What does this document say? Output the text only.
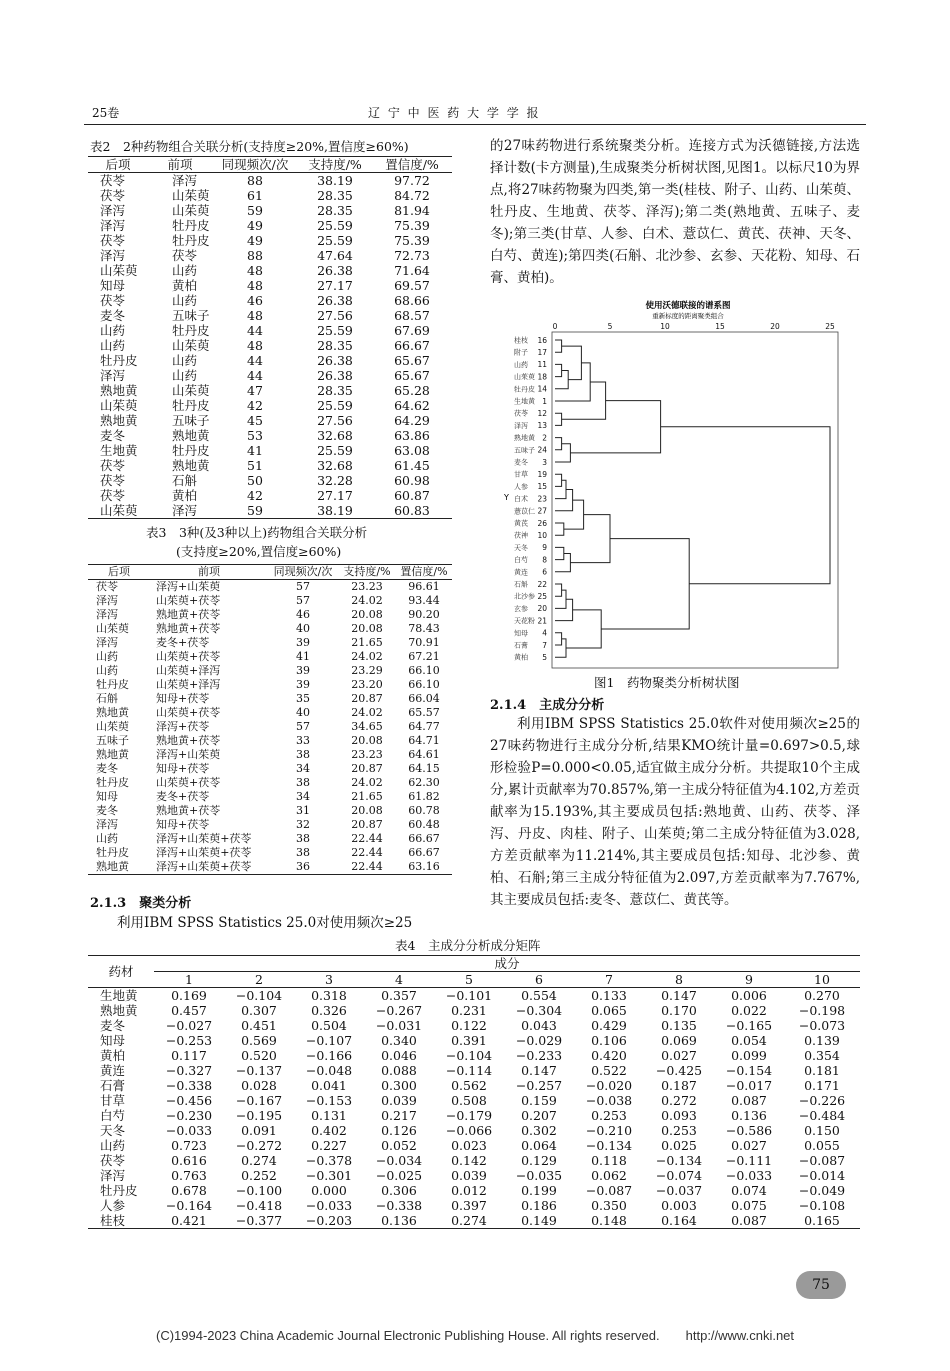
25卷	辽 宁 中 医 药 大 学 学 报
表2　2种药物组合关联分析(支持度≥20%,置信度≥60%)
后项	前项	同现频次/次	支持度/%	置信度/%
茯苓	泽泻	88	38.19	97.72
茯苓	山茱萸	61	28.35	84.72
泽泻	山茱萸	59	28.35	81.94
泽泻	牡丹皮	49	25.59	75.39
茯苓	牡丹皮	49	25.59	75.39
泽泻	茯苓	88	47.64	72.73
山茱萸	山药	48	26.38	71.64
知母	黄柏	48	27.17	69.57
茯苓	山药	46	26.38	68.66
麦冬	五味子	48	27.56	68.57
山药	牡丹皮	44	25.59	67.69
山药	山茱萸	48	28.35	66.67
牡丹皮	山药	44	26.38	65.67
泽泻	山药	44	26.38	65.67
熟地黄	山茱萸	47	28.35	65.28
山茱萸	牡丹皮	42	25.59	64.62
熟地黄	五味子	45	27.56	64.29
麦冬	熟地黄	53	32.68	63.86
生地黄	牡丹皮	41	25.59	63.08
茯苓	熟地黄	51	32.68	61.45
茯苓	石斛	50	32.28	60.98
茯苓	黄柏	42	27.17	60.87
山茱萸	泽泻	59	38.19	60.83
表3　3种(及3种以上)药物组合关联分析
(支持度≥20%,置信度≥60%)
后项	前项	同现频次/次	支持度/%	置信度/%
茯苓	泽泻+山茱萸	57	23.23	96.61
泽泻	山茱萸+茯苓	57	24.02	93.44
泽泻	熟地黄+茯苓	46	20.08	90.20
山茱萸	熟地黄+茯苓	40	20.08	78.43
泽泻	麦冬+茯苓	39	21.65	70.91
山药	山茱萸+茯苓	41	24.02	67.21
山药	山茱萸+泽泻	39	23.29	66.10
牡丹皮	山茱萸+泽泻	39	23.20	66.10
石斛	知母+茯苓	35	20.87	66.04
熟地黄	山茱萸+茯苓	40	24.02	65.57
山茱萸	泽泻+茯苓	57	34.65	64.77
五味子	熟地黄+茯苓	33	20.08	64.71
熟地黄	泽泻+山茱萸	38	23.23	64.61
麦冬	知母+茯苓	34	20.87	64.15
牡丹皮	山茱萸+茯苓	38	24.02	62.30
知母	麦冬+茯苓	34	21.65	61.82
麦冬	熟地黄+茯苓	31	20.08	60.78
泽泻	知母+茯苓	32	20.87	60.48
山药	泽泻+山茱萸+茯苓	38	22.44	66.67
牡丹皮	泽泻+山茱萸+茯苓	38	22.44	66.67
熟地黄	泽泻+山茱萸+茯苓	36	22.44	63.16
2.1.3　聚类分析

利用IBM SPSS Statistics 25.0对使用频次≥25

的27味药物进行系统聚类分析。连接方式为沃德链接,方法选择计数(卡方测量),生成聚类分析树状图,见图1。以标尺10为界点,将27味药物聚为四类,第一类(桂枝、附子、山药、山茱萸、牡丹皮、生地黄、茯苓、泽泻);第二类(熟地黄、五味子、麦冬);第三类(甘草、人参、白术、薏苡仁、黄芪、茯神、天冬、白芍、黄连);第四类(石斛、北沙参、玄参、天花粉、知母、石膏、黄柏)。

使用沃德联接的谱系图
重新标度的距离聚类组合
0	5	10	15	20	25
桂枝 16
附子 17
山药 11
山茱萸 18
牡丹皮 14
生地黄 1
茯苓 12
泽泻 13
熟地黄 2
五味子 24
麦冬 3
甘草 19
人参 15
白术 23
薏苡仁 27
黄芪 26
茯神 10
天冬 9
白芍 8
黄连 6
石斛 22
北沙参 25
玄参 20
天花粉 21
知母 4
石膏 7
黄柏 5
Y
图1　药物聚类分析树状图
2.1.4　主成分分析

利用IBM SPSS Statistics 25.0软件对使用频次≥25的27味药物进行主成分分析,结果KMO统计量=0.697>0.5,球形检验P=0.000<0.05,适宜做主成分分析。共提取10个主成分,累计贡献率为70.857%,第一主成分特征值为4.102,方差贡献率为15.193%,其主要成员包括:熟地黄、山药、茯苓、泽泻、丹皮、肉桂、附子、山茱萸;第二主成分特征值为3.028,方差贡献率为11.214%,其主要成员包括:知母、北沙参、黄柏、石斛;第三主成分特征值为2.097,方差贡献率为7.767%,其主要成员包括:麦冬、薏苡仁、黄芪等。

表4　主成分分析成分矩阵
药材	成分									
	1	2	3	4	5	6	7	8	9	10
生地黄	0.169	−0.104	0.318	0.357	−0.101	0.554	0.133	0.147	0.006	0.270
熟地黄	0.457	0.307	0.326	−0.267	0.231	−0.304	0.065	0.170	0.022	−0.198
麦冬	−0.027	0.451	0.504	−0.031	0.122	0.043	0.429	0.135	−0.165	−0.073
知母	−0.253	0.569	−0.107	0.340	0.391	−0.029	0.106	0.069	0.054	0.139
黄柏	0.117	0.520	−0.166	0.046	−0.104	−0.233	0.420	0.027	0.099	0.354
黄连	−0.327	−0.137	−0.048	0.088	−0.114	0.147	0.522	−0.425	−0.154	0.181
石膏	−0.338	0.028	0.041	0.300	0.562	−0.257	−0.020	0.187	−0.017	0.171
甘草	−0.456	−0.167	−0.153	0.039	0.508	0.159	−0.038	0.272	0.087	−0.226
白芍	−0.230	−0.195	0.131	0.217	−0.179	0.207	0.253	0.093	0.136	−0.484
天冬	−0.033	0.091	0.402	0.126	−0.066	0.302	−0.210	0.253	−0.586	0.150
山药	0.723	−0.272	0.227	0.052	0.023	0.064	−0.134	0.025	0.027	0.055
茯苓	0.616	0.274	−0.378	−0.034	0.142	0.129	0.118	−0.134	−0.111	−0.087
泽泻	0.763	0.252	−0.301	−0.025	0.039	−0.035	0.062	−0.074	−0.033	−0.014
牡丹皮	0.678	−0.100	0.000	0.306	0.012	0.199	−0.087	−0.037	0.074	−0.049
人参	−0.164	−0.418	−0.033	−0.338	0.397	0.186	0.350	0.003	0.075	−0.108
桂枝	0.421	−0.377	−0.203	0.136	0.274	0.149	0.148	0.164	0.087	0.165
75
(C)1994-2023 China Academic Journal Electronic Publishing House. All rights reserved.　　http://www.cnki.net
